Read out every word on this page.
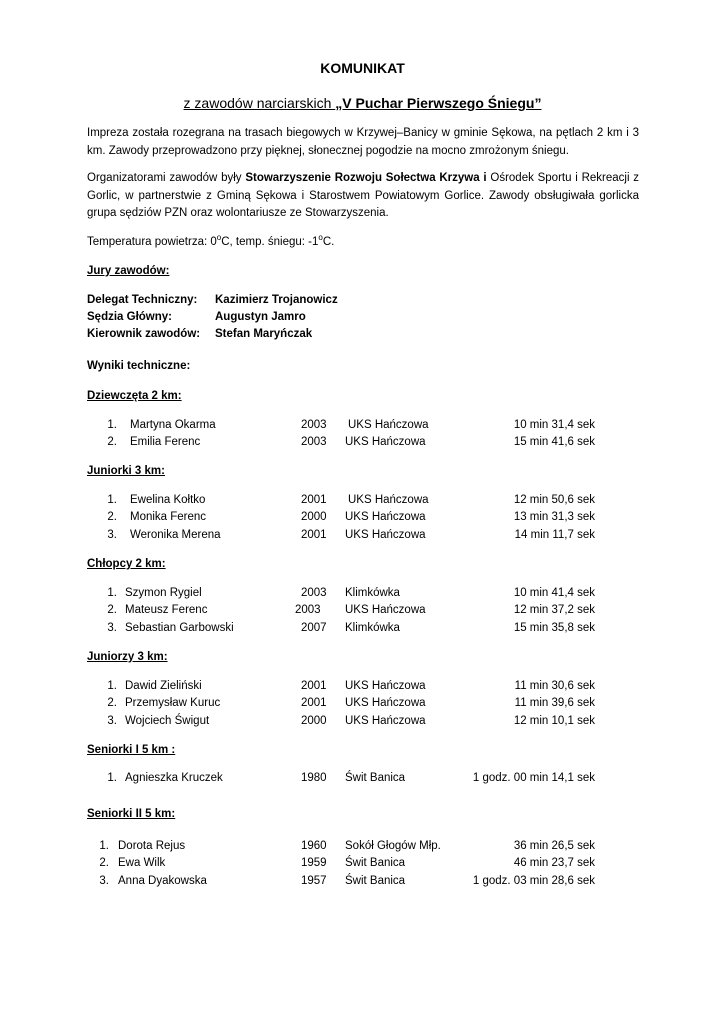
KOMUNIKAT
z zawodów narciarskich „V Puchar Pierwszego Śniegu”

Impreza została rozegrana na trasach biegowych w Krzywej–Banicy w gminie Sękowa, na pętlach 2 km i 3 km. Zawody przeprowadzono przy pięknej, słonecznej pogodzie na mocno zmrożonym śniegu.

Organizatorami zawodów były Stowarzyszenie Rozwoju Sołectwa Krzywa i Ośrodek Sportu i Rekreacji z Gorlic, w partnerstwie z Gminą Sękowa i Starostwem Powiatowym Gorlice. Zawody obsługiwała gorlicka grupa sędziów PZN oraz wolontariusze ze Stowarzyszenia.

Temperatura powietrza: 0$^o$C, temp. śniegu: -1$^o$C.

Jury zawodów:
Delegat Techniczny: Kazimierz Trojanowicz
Sędzia Główny:	Augustyn Jamro
Kierownik zawodów: Stefan Maryńczak
Wyniki techniczne:
Dziewczęta 2 km:
1. Martyna Okarma	2003 UKS Hańczowa	10 min 31,4 sek
2. Emilia Ferenc	2003 UKS Hańczowa	15 min 41,6 sek
Juniorki 3 km:
1. Ewelina Kołtko	2001 UKS Hańczowa	12 min 50,6 sek
2. Monika Ferenc	2000 UKS Hańczowa	13 min 31,3 sek
3. Weronika Merena	2001 UKS Hańczowa	14 min 11,7 sek
Chłopcy 2 km:
1. Szymon Rygiel	2003 Klimkówka	10 min 41,4 sek
2. Mateusz Ferenc	2003 UKS Hańczowa	12 min 37,2 sek
3. Sebastian Garbowski	2007 Klimkówka	15 min 35,8 sek
Juniorzy 3 km:
1. Dawid Zieliński	2001 UKS Hańczowa	11 min 30,6 sek
2. Przemysław Kuruc	2001 UKS Hańczowa	11 min 39,6 sek
3. Wojciech Świgut	2000 UKS Hańczowa	12 min 10,1 sek
Seniorki I 5 km :
1. Agnieszka Kruczek	1980 Świt Banica	1 godz. 00 min 14,1 sek
Seniorki II 5 km:
1. Dorota Rejus	1960 Sokół Głogów Młp.	36 min 26,5 sek
2. Ewa Wilk	1959 Świt Banica	46 min 23,7 sek
3. Anna Dyakowska	1957 Świt Banica	1 godz. 03 min 28,6 sek
